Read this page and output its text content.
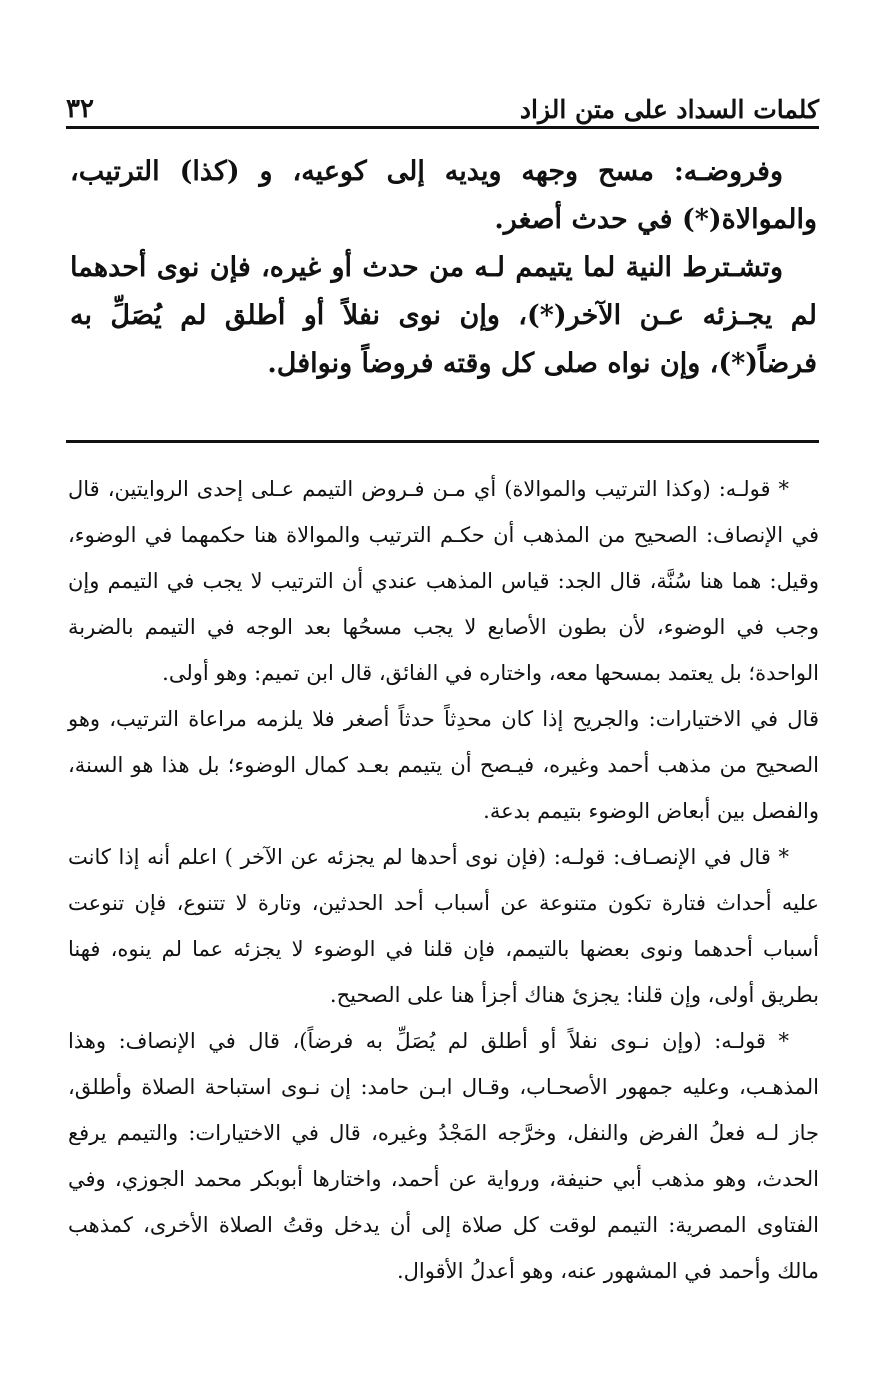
كلمات السداد على متن الزاد
٣٢

وفروضـه: مسح وجهه ويديه إلى كوعيه، و (كذا) الترتيب، والموالاة(*) في حدث أصغر.

وتشـترط النية لما يتيمم لـه من حدث أو غيره، فإن نوى أحدهما لم يجـزئه عـن الآخر(*)، وإن نوى نفلاً أو أطلق لم يُصَلِّ به فرضاً(*)، وإن نواه صلى كل وقته فروضاً ونوافل.

* قولـه: (وكذا الترتيب والموالاة) أي مـن فـروض التيمم عـلى إحدى الروايتين، قال في الإنصاف: الصحيح من المذهب أن حكـم الترتيب والموالاة هنا حكمهما في الوضوء، وقيل: هما هنا سُنَّة، قال الجد: قياس المذهب عندي أن الترتيب لا يجب في التيمم وإن وجب في الوضوء، لأن بطون الأصابع لا يجب مسحُها بعد الوجه في التيمم بالضربة الواحدة؛ بل يعتمد بمسحها معه، واختاره في الفائق، قال ابن تميم: وهو أولى.

قال في الاختيارات: والجريح إذا كان محدِثاً حدثاً أصغر فلا يلزمه مراعاة الترتيب، وهو الصحيح من مذهب أحمد وغيره، فيـصح أن يتيمم بعـد كمال الوضوء؛ بل هذا هو السنة، والفصل بين أبعاض الوضوء بتيمم بدعة.

* قال في الإنصـاف: قولـه: (فإن نوى أحدها لم يجزئه عن الآخر ) اعلم أنه إذا كانت عليه أحداث فتارة تكون متنوعة عن أسباب أحد الحدثين، وتارة لا تتنوع، فإن تنوعت أسباب أحدهما ونوى بعضها بالتيمم، فإن قلنا في الوضوء لا يجزئه عما لم ينوه، فهنا بطريق أولى، وإن قلنا: يجزئ هناك أجزأ هنا على الصحيح.

* قولـه: (وإن نـوى نفلاً أو أطلق لم يُصَلِّ به فرضاً)، قال في الإنصاف: وهذا المذهـب، وعليه جمهور الأصحـاب، وقـال ابـن حامد: إن نـوى استباحة الصلاة وأطلق، جاز لـه فعلُ الفرض والنفل، وخرَّجه المَجْدُ وغيره، قال في الاختيارات: والتيمم يرفع الحدث، وهو مذهب أبي حنيفة، ورواية عن أحمد، واختارها أبوبكر محمد الجوزي، وفي الفتاوى المصرية: التيمم لوقت كل صلاة إلى أن يدخل وقتُ الصلاة الأخرى، كمذهب مالك وأحمد في المشهور عنه، وهو أعدلُ الأقوال.
